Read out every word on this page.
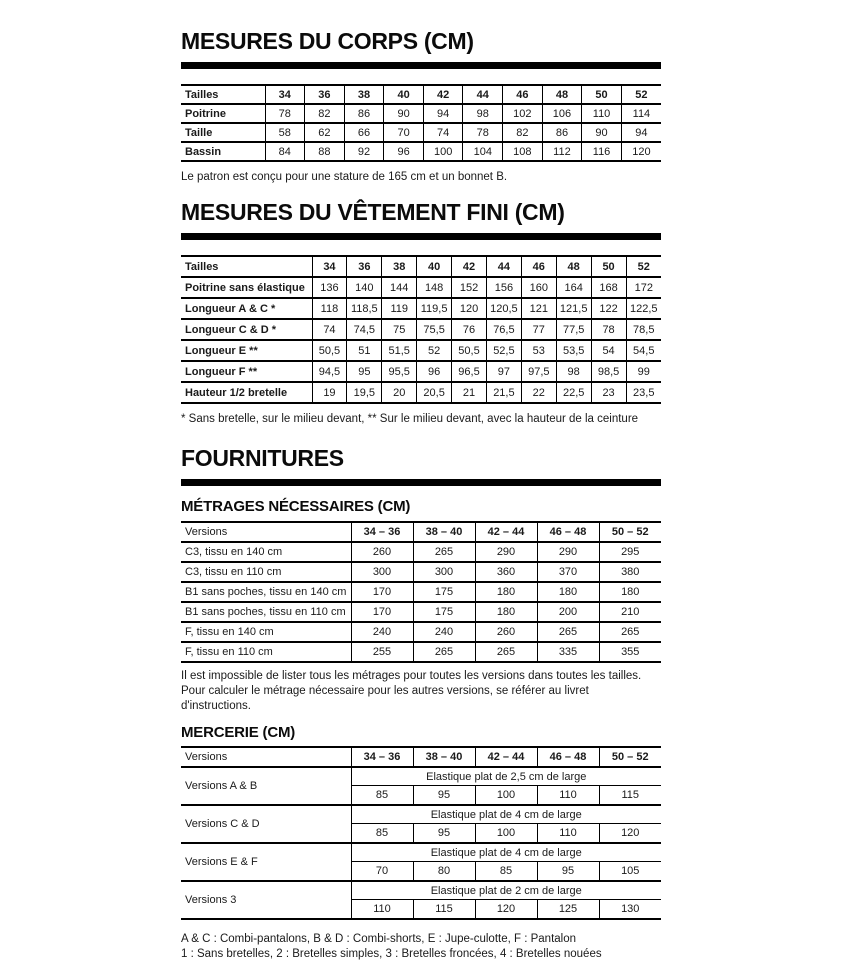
MESURES DU CORPS (CM)
Tailles	34	36	38	40	42	44	46	48	50	52
Poitrine	78	82	86	90	94	98	102	106	110	114
Taille	58	62	66	70	74	78	82	86	90	94
Bassin	84	88	92	96	100	104	108	112	116	120

Le patron est conçu pour une stature de 165 cm et un bonnet B.

MESURES DU VÊTEMENT FINI (CM)
Tailles	34	36	38	40	42	44	46	48	50	52
Poitrine sans élastique	136	140	144	148	152	156	160	164	168	172
Longueur A & C *	118	118,5	119	119,5	120	120,5	121	121,5	122	122,5
Longueur C & D *	74	74,5	75	75,5	76	76,5	77	77,5	78	78,5
Longueur E **	50,5	51	51,5	52	50,5	52,5	53	53,5	54	54,5
Longueur F **	94,5	95	95,5	96	96,5	97	97,5	98	98,5	99
Hauteur 1/2 bretelle	19	19,5	20	20,5	21	21,5	22	22,5	23	23,5

* Sans bretelle, sur le milieu devant, ** Sur le milieu devant, avec la hauteur de la ceinture

FOURNITURES
MÉTRAGES NÉCESSAIRES (CM)
Versions	34 – 36	38 – 40	42 – 44	46 – 48	50 – 52
C3, tissu en 140 cm	260	265	290	290	295
C3, tissu en 110 cm	300	300	360	370	380
B1 sans poches, tissu en 140 cm	170	175	180	180	180
B1 sans poches, tissu en 110 cm	170	175	180	200	210
F, tissu en 140 cm	240	240	260	265	265
F, tissu en 110 cm	255	265	265	335	355

Il est impossible de lister tous les métrages pour toutes les versions dans toutes les tailles. Pour calculer le métrage nécessaire pour les autres versions, se référer au livret d'instructions.

MERCERIE (CM)
Versions	34 – 36	38 – 40	42 – 44	46 – 48	50 – 52
Versions A & B	Elastique plat de 2,5 cm de large				
	85	95	100	110	115
Versions C & D	Elastique plat de 4 cm de large				
	85	95	100	110	120
Versions E & F	Elastique plat de 4 cm de large				
	70	80	85	95	105
Versions 3	Elastique plat de 2 cm de large				
	110	115	120	125	130

A & C : Combi-pantalons, B & D : Combi-shorts, E : Jupe-culotte, F : Pantalon

1 : Sans bretelles, 2 : Bretelles simples, 3 : Bretelles froncées, 4 : Bretelles nouées
